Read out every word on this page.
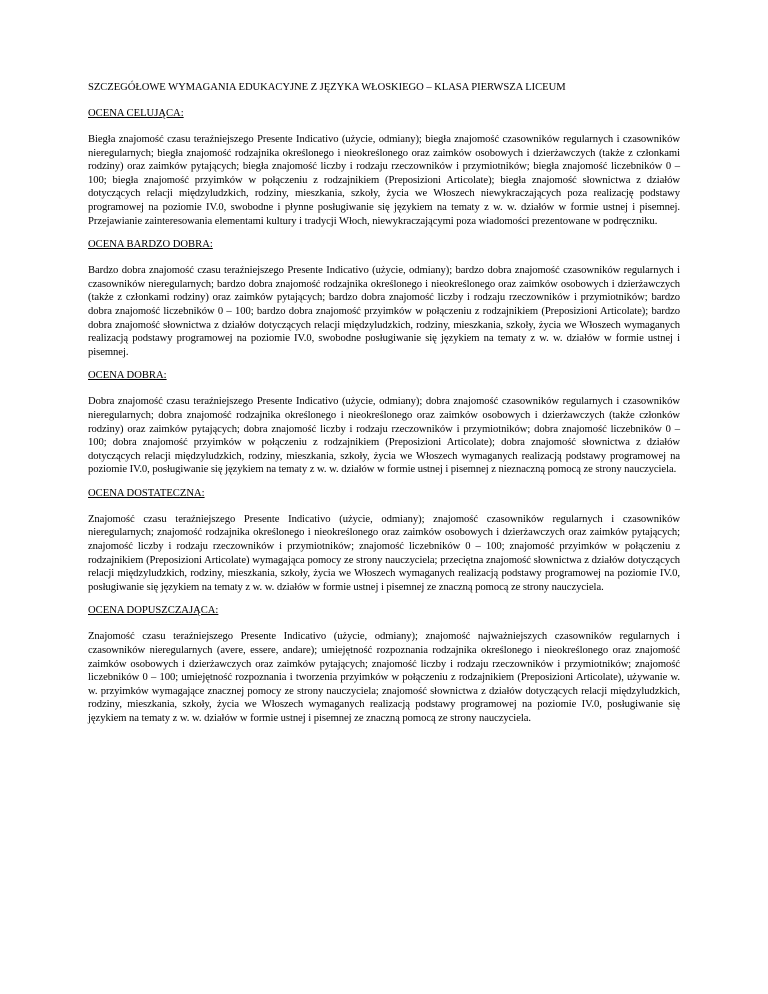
SZCZEGÓŁOWE WYMAGANIA EDUKACYJNE Z JĘZYKA WŁOSKIEGO – KLASA PIERWSZA LICEUM
OCENA CELUJĄCA:

Biegła znajomość czasu teraźniejszego Presente Indicativo (użycie, odmiany); biegła znajomość czasowników regularnych i czasowników nieregularnych; biegła znajomość rodzajnika określonego i nieokreślonego oraz zaimków osobowych i dzierżawczych (także z członkami rodziny) oraz zaimków pytających; biegła znajomość liczby i rodzaju rzeczowników i przymiotników; biegła znajomość liczebników 0 – 100; biegła znajomość przyimków w połączeniu z rodzajnikiem (Preposizioni Articolate); biegła znajomość słownictwa z działów dotyczących relacji międzyludzkich, rodziny, mieszkania, szkoły, życia we Włoszech niewykraczających poza realizację podstawy programowej na poziomie IV.0, swobodne i płynne posługiwanie się językiem na tematy z w. w. działów w formie ustnej i pisemnej. Przejawianie zainteresowania elementami kultury i tradycji Włoch, niewykraczającymi poza wiadomości prezentowane w podręczniku.

OCENA BARDZO DOBRA:

Bardzo dobra znajomość czasu teraźniejszego Presente Indicativo (użycie, odmiany); bardzo dobra znajomość czasowników regularnych i czasowników nieregularnych; bardzo dobra znajomość rodzajnika określonego i nieokreślonego oraz zaimków osobowych i dzierżawczych (także z członkami rodziny) oraz zaimków pytających; bardzo dobra znajomość liczby i rodzaju rzeczowników i przymiotników; bardzo dobra znajomość liczebników 0 – 100; bardzo dobra znajomość przyimków w połączeniu z rodzajnikiem (Preposizioni Articolate); bardzo dobra znajomość słownictwa z działów dotyczących relacji międzyludzkich, rodziny, mieszkania, szkoły, życia we Włoszech wymaganych realizacją podstawy programowej na poziomie IV.0, swobodne posługiwanie się językiem na tematy z w. w. działów w formie ustnej i pisemnej.

OCENA DOBRA:

Dobra znajomość czasu teraźniejszego Presente Indicativo (użycie, odmiany); dobra znajomość czasowników regularnych i czasowników nieregularnych; dobra znajomość rodzajnika określonego i nieokreślonego oraz zaimków osobowych i dzierżawczych (także członków rodziny) oraz zaimków pytających; dobra znajomość liczby i rodzaju rzeczowników i przymiotników; dobra znajomość liczebników 0 – 100; dobra znajomość przyimków w połączeniu z rodzajnikiem (Preposizioni Articolate); dobra znajomość słownictwa z działów dotyczących relacji międzyludzkich, rodziny, mieszkania, szkoły, życia we Włoszech wymaganych realizacją podstawy programowej na poziomie IV.0, posługiwanie się językiem na tematy z w. w. działów w formie ustnej i pisemnej z nieznaczną pomocą ze strony nauczyciela.

OCENA DOSTATECZNA:

Znajomość czasu teraźniejszego Presente Indicativo (użycie, odmiany); znajomość czasowników regularnych i czasowników nieregularnych; znajomość rodzajnika określonego i nieokreślonego oraz zaimków osobowych i dzierżawczych oraz zaimków pytających; znajomość liczby i rodzaju rzeczowników i przymiotników; znajomość liczebników 0 – 100; znajomość przyimków w połączeniu z rodzajnikiem (Preposizioni Articolate) wymagająca pomocy ze strony nauczyciela; przeciętna znajomość słownictwa z działów dotyczących relacji międzyludzkich, rodziny, mieszkania, szkoły, życia we Włoszech wymaganych realizacją podstawy programowej na poziomie IV.0, posługiwanie się językiem na tematy z w. w. działów w formie ustnej i pisemnej ze znaczną pomocą ze strony nauczyciela.

OCENA DOPUSZCZAJĄCA:

Znajomość czasu teraźniejszego Presente Indicativo (użycie, odmiany); znajomość najważniejszych czasowników regularnych i czasowników nieregularnych (avere, essere, andare); umiejętność rozpoznania rodzajnika określonego i nieokreślonego oraz znajomość zaimków osobowych i dzierżawczych oraz zaimków pytających; znajomość liczby i rodzaju rzeczowników i przymiotników; znajomość liczebników 0 – 100; umiejętność rozpoznania i tworzenia przyimków w połączeniu z rodzajnikiem (Preposizioni Articolate), używanie w. w. przyimków wymagające znacznej pomocy ze strony nauczyciela; znajomość słownictwa z działów dotyczących relacji międzyludzkich, rodziny, mieszkania, szkoły, życia we Włoszech wymaganych realizacją podstawy programowej na poziomie IV.0, posługiwanie się językiem na tematy z w. w. działów w formie ustnej i pisemnej ze znaczną pomocą ze strony nauczyciela.
